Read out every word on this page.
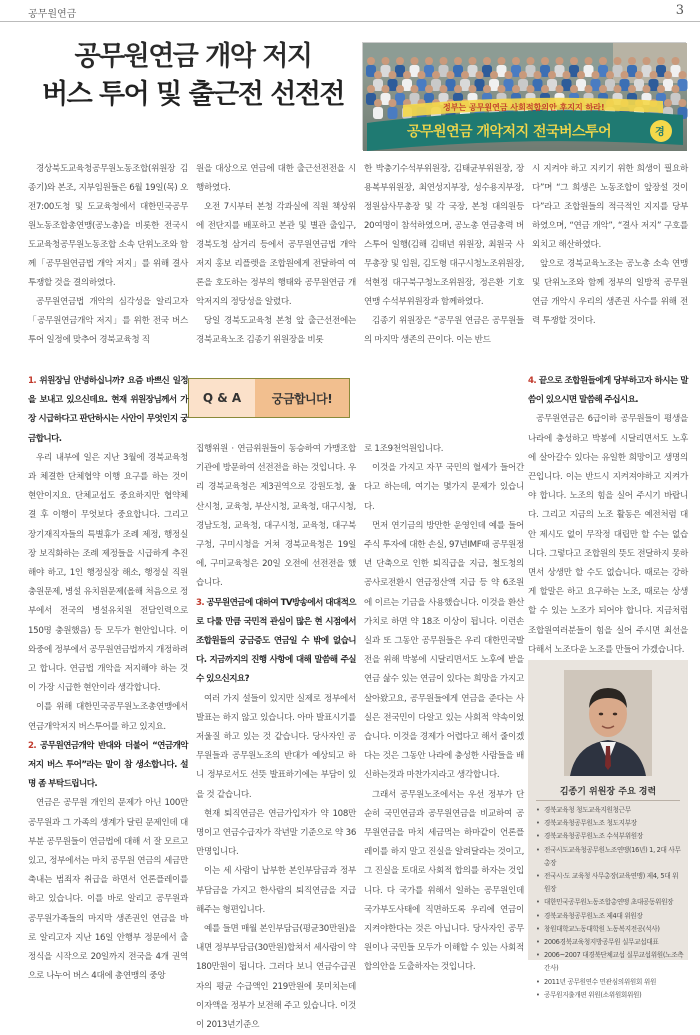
공무원연금	3
공무원연금 개악 저지
버스 투어 및 출근전 선전전	정부는 공무원연금 사회적합의안 후지지 하라!
공무원연금 개악저지 전국버스투어	경

경상북도교육청공무원노동조합(위원장 김종기)와 본조, 지부임원들은 6월 19일(목) 오전7:00도청 및 도교육청에서 대한민국공무원노동조합총연맹(공노총)을 비롯한 전국시도교육청공무원노동조합 소속 단위노조와 함께「공무원연금법 개악 저지」를 위해 결사 투쟁할 것을 결의하였다.

공무원연금법 개악의 심각성을 알리고자「공무원연금개악 저지」를 위한 전국 버스 투어 일정에 맞추어 경북교육청 직

원을 대상으로 연금에 대한 출근선전전을 시행하였다.

오전 7시부터 본청 각과실에 직원 책상위에 전단지를 배포하고 본관 및 별관 출입구, 경북도청 삼거리 등에서 공무원연금법 개악저지 홍보 리플렛을 조합원에게 전달하여 여론을 호도하는 정부의 행태와 공무원연금 개악저지의 정당성을 알렸다.

당일 경북도교육청 본청 앞 출근선전에는 경북교육노조 김종기 위원장을 비롯

한 박충기수석부위원장, 김태균부위원장, 장용복부위원장, 최연성지부장, 성수용지부장, 정원삼사무총장 및 각 국장, 본청 대의원등 20여명이 참석하였으며, 공노총 연금총력 버스투어 일행(김해 김태년 위원장, 최원국 사무총장 및 임원, 김도형 대구시청노조위원장, 석현정 대구북구청노조위원장, 정은환 기호연맹 수석부위원장과 함께하였다.

김종기 위원장은 “공무원 연금은 공무원들의 마지막 생존의 끈이다. 이는 반드

시 지켜야 하고 지키기 위한 희생이 필요하다”며 “그 희생은 노동조합이 앞장설 것이다”라고 조합원들의 적극적인 지지를 당부하였으며, “연금 개악”, “결사 저지” 구호를 외치고 해산하였다.

앞으로 경북교육노조는 공노총 소속 연맹 및 단위노조와 함께 정부의 일방적 공무원연금 개악시 우리의 생존권 사수를 위해 전력 투쟁할 것이다.

Q & A	궁금합니다!

1. 위원장님 안녕하십니까? 요즘 바쁘신 일정을 보내고 있으신데요. 현재 위원장님께서 가장 시급하다고 판단하시는 사안이 무엇인지 궁금합니다.

우리 내부에 일은 지난 3월에 경북교육청과 체결한 단체협약 이행 요구를 하는 것이 현안이지요. 단체교섭도 중요하지만 협약체결 후 이행이 무엇보다 중요합니다. 그리고 장기재직자들의 특별휴가 조례 제정, 행정실장 보직화하는 조례 제정들을 시급하게 추진해야 하고, 1인 행정실장 해소, 행정실 직원 충원문제, 병설 유치원문제(올해 처음으로 정부에서 전국의 병설유치원 전담인력으로 150명 충원했음) 등 모두가 현안입니다. 이 와중에 정부에서 공무원연금법까지 개정하려고 합니다. 연금법 개악을 저지해야 하는 것이 가장 시급한 현안이라 생각합니다.

이를 위해 대한민국공무원노조총연맹에서 연금개악저지 버스투어를 하고 있지요.

2. 공무원연금개악 반대와 더불어 “연금개악저지 버스 투어”라는 말이 참 생소합니다. 설명 좀 부탁드립니다.

연금은 공무원 개인의 문제가 아닌 100만 공무원과 그 가족의 생계가 달린 문제인데 대부분 공무원들이 연금법에 대해 서 잘 모르고 있고, 정부에서는 마치 공무원 연금의 세금만 축내는 범죄자 취급을 하면서 언론플레이를 하고 있습니다. 이를 바로 알리고 공무원과 공무원가족들의 마지막 생존권인 연금을 바로 알리고자 지난 16일 안행부 정문에서 출정식을 시작으로 20일까지 전국을 4개 권역으로 나누어 버스 4대에 총연맹의 중앙

집행위원 · 연금위원들이 동승하여 가맹조합 기관에 방문하여 선전전을 하는 것입니다. 우리 경북교육청은 제3권역으로 강원도청, 울산시청, 교육청, 부산시청, 교육청, 대구시청, 경남도청, 교육청, 대구시청, 교육청, 대구북구청, 구미시청을 거쳐 경북교육청은 19일에, 구미교육청은 20일 오전에 선전전을 했습니다.

3. 공무원연금에 대하여 TV방송에서 대대적으로 다룰 만큼 국민적 관심이 많은 현 시점에서 조합원들의 궁금증도 연금일 수 밖에 없습니다. 지금까지의 진행 사항에 대해 말씀해 주실 수 있으신지요?

여러 가지 설들이 있지만 실제로 정부에서 발표는 하지 않고 있습니다. 아마 발표시기를 저울질 하고 있는 것 같습니다. 당사자인 공무원들과 공무원노조의 반대가 예상되고 하니 정부로서도 선뜻 발표하기에는 부담이 있을 것 같습니다.

현재 퇴직연금은 연금가입자가 약 108만명이고 연금수급자가 작년말 기준으로 약 36만명입니다.

이는 세 사람이 납부한 본인부담금과 정부부담금을 가지고 한사람의 퇴직연금을 지급해주는 형편입니다.

예를 들면 매월 본인부담금(평균30만원)을 내면 정부부담금(30만원)합쳐서 세사람이 약 180만원이 됩니다. 그러다 보니 연금수급권자의 평균 수급액인 219만원에 못미치는데 이자액을 정부가 보전해 주고 있습니다. 이것이 2013년기준으

로 1조9천억원입니다.

이것을 가지고 자꾸 국민의 혈세가 들어간다고 하는데, 여기는 몇가지 문제가 있습니다.

먼저 연기금의 방만한 운영인데 예를 들어 주식 투자에 대한 손실, 97년IMF때 공무원정년 단축으로 인한 퇴직급을 지급, 철도청의 공사로전환시 연금정산액 지급 등 약 6조원에 이르는 기금을 사용했습니다. 이것을 환산가치로 하면 약 18조 이상이 됩니다. 이런손실과 또 그동안 공무원들은 우리 대한민국발전을 위해 박봉에 시달리면서도 노후에 받을 연금 삶수 있는 연금이 있다는 희망을 가지고 살아왔고요, 공무원들에게 연금을 준다는 사실은 전국민이 다알고 있는 사회적 약속이었습니다. 이것을 경제가 어렵다고 해서 줄이겠다는 것은 그동안 나라에 충성한 사람들을 배신하는것과 마찬가지라고 생각합니다.

그래서 공무원노조에서는 우선 정부가 단순히 국민연금과 공무원연금을 비교하여 공무원연금을 마치 세금먹는 하마같이 언론플레이를 하지 말고 진실을 알려달라는 것이고, 그 진실을 토대로 사회적 합의를 하자는 것입니다. 다 국가를 위해서 일하는 공무원인데 국가부도사태에 직면하도록 우리에 연금이 지켜야한다는 것은 아닙니다. 당사자인 공무원이나 국민들 모두가 이해할 수 있는 사회적 합의안을 도출하자는 것입니다.

4. 끝으로 조합원들에게 당부하고자 하시는 말씀이 있으시면 말씀해 주십시요.

공무원연금은 6급이하 공무원들이 평생을 나라에 충성하고 박봉에 시달리면서도 노후에 살아갈수 있다는 유일한 희망이고 생명의 끈입니다. 이는 반드시 지켜져야하고 지켜가야 합니다. 노조의 힘을 실어 주시기 바랍니다. 그리고 지금의 노조 활동은 예전처럼 대안 제시도 없이 무작정 대립만 할 수는 없습니다. 그렇다고 조합원의 뜻도 전달하지 못하면서 상생만 할 수도 없습니다. 때로는 강하게 할말은 하고 요구하는 노조, 때로는 상생할 수 있는 노조가 되어야 합니다. 지금처럼 조합원여러분들이 힘을 실어 주시면 최선을 다해서 노조다운 노조를 만들어 가겠습니다.

김종기 위원장 주요 경력
• 경북교육청 청도교육지원청근무
• 경북교육청공무원노조 청도지부장
• 경북교육청공무원노조 수석부위원장
• 전국시도교육청공무원노조연맹(16년) 1, 2대 사무총장
• 전국시·도 교육청 사무총장(교육연맹) 제4, 5대 위원장
• 대한민국공무원노동조합총연맹 초대공동위원장
• 경북교육청공무원노조 제4대 위원장
• 창원대학교노동대학원 노동복지전공(석사)
• 2006경북교육청지방공무원 실무교섭대표
• 2006~2007 대경북단체교섭 실무교섭위원(노조측 간사)
• 2011년 공무원연수 민관심의위원회 위원
• 공무원지출개편 위원(소위원회위원)
